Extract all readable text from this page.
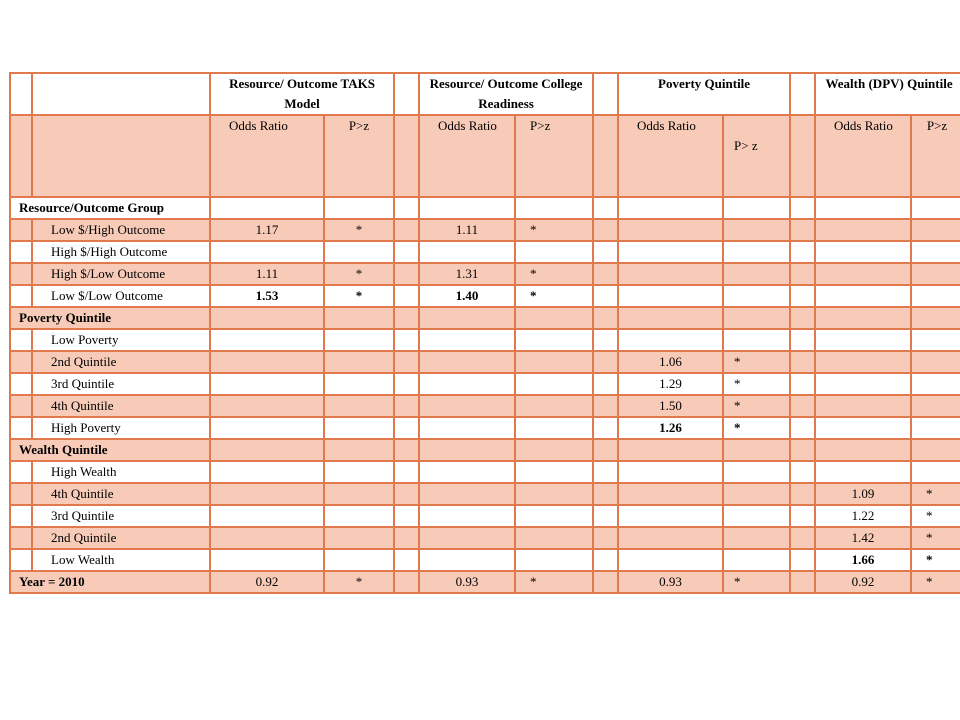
		Resource/ Outcome TAKS Model			Resource/ Outcome College Readiness			Poverty Quintile			Wealth (DPV) Quintile	
		Odds Ratio	P>z		Odds Ratio	P>z		Odds Ratio	P> z		Odds Ratio	P>z
Resource/Outcome Group												
	Low $/High Outcome	1.17	*		1.11	*						
	High $/High Outcome											
	High $/Low Outcome	1.11	*		1.31	*						
	Low $/Low Outcome	1.53	*		1.40	*						
Poverty Quintile												
	Low Poverty											
	2nd Quintile							1.06	*			
	3rd Quintile							1.29	*			
	4th Quintile							1.50	*			
	High Poverty							1.26	*			
Wealth Quintile												
	High Wealth											
	4th Quintile										1.09	*
	3rd Quintile										1.22	*
	2nd Quintile										1.42	*
	Low Wealth										1.66	*
Year = 2010		0.92	*		0.93	*		0.93	*		0.92	*
